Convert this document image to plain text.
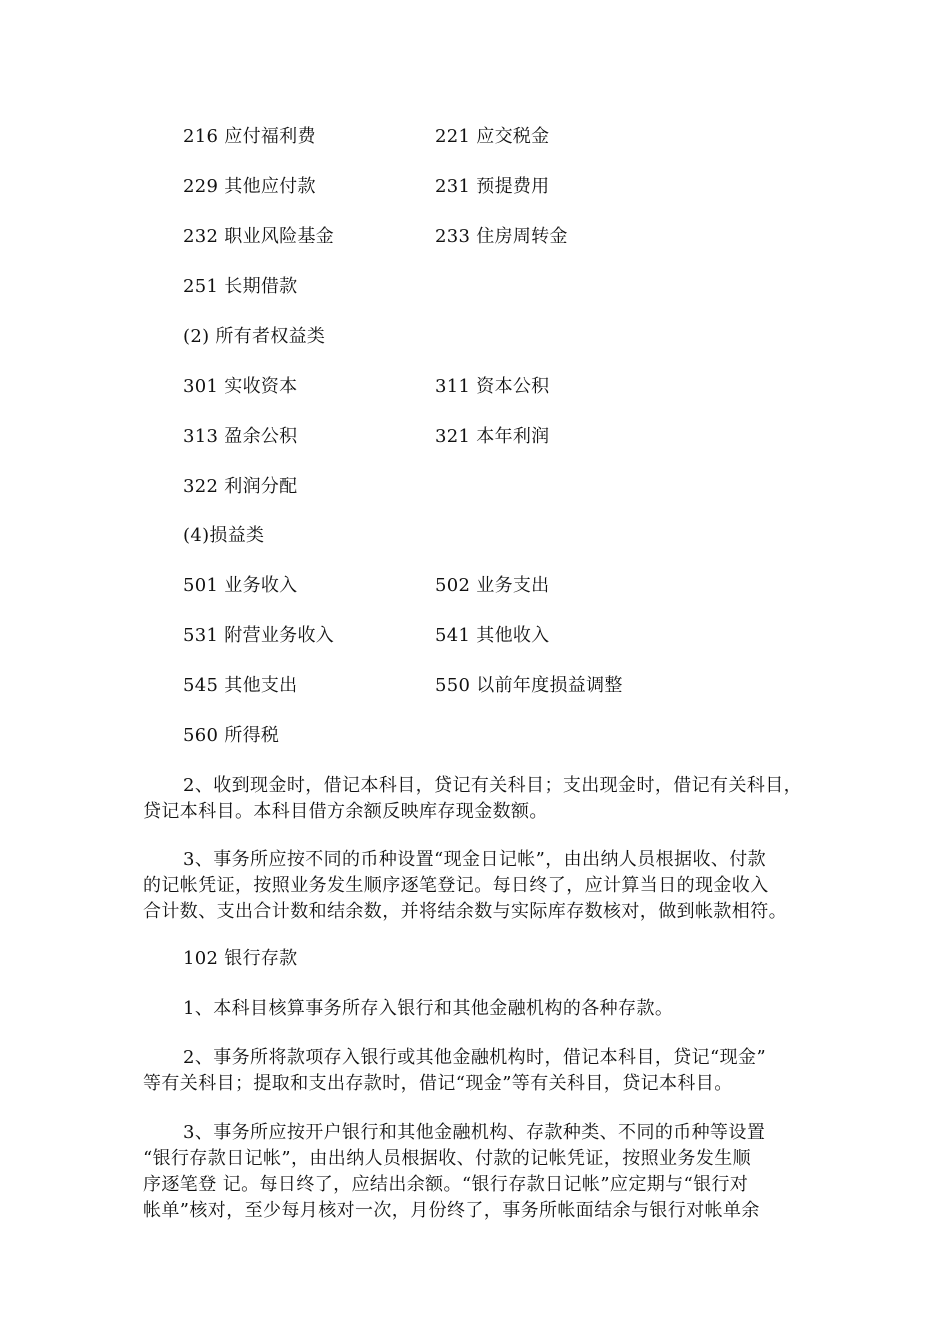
216 应付福利费	221 应交税金
229 其他应付款	231 预提费用
232 职业风险基金	233 住房周转金
251 长期借款
(2) 所有者权益类
301 实收资本	311 资本公积
313 盈余公积	321 本年利润
322 利润分配
(4)损益类
501 业务收入	502 业务支出
531 附营业务收入	541 其他收入
545 其他支出	550 以前年度损益调整
560 所得税
2、收到现金时，借记本科目，贷记有关科目；支出现金时，借记有关科目，
贷记本科目。本科目借方余额反映库存现金数额。
3、事务所应按不同的币种设置“现金日记帐”，由出纳人员根据收、付款
的记帐凭证，按照业务发生顺序逐笔登记。每日终了，应计算当日的现金收入
合计数、支出合计数和结余数，并将结余数与实际库存数核对，做到帐款相符。
102 银行存款
1、本科目核算事务所存入银行和其他金融机构的各种存款。
2、事务所将款项存入银行或其他金融机构时，借记本科目，贷记“现金”
等有关科目；提取和支出存款时，借记“现金”等有关科目，贷记本科目。
3、事务所应按开户银行和其他金融机构、存款种类、不同的币种等设置
“银行存款日记帐”，由出纳人员根据收、付款的记帐凭证，按照业务发生顺
序逐笔登 记。每日终了，应结出余额。“银行存款日记帐”应定期与“银行对
帐单”核对，至少每月核对一次，月份终了，事务所帐面结余与银行对帐单余
